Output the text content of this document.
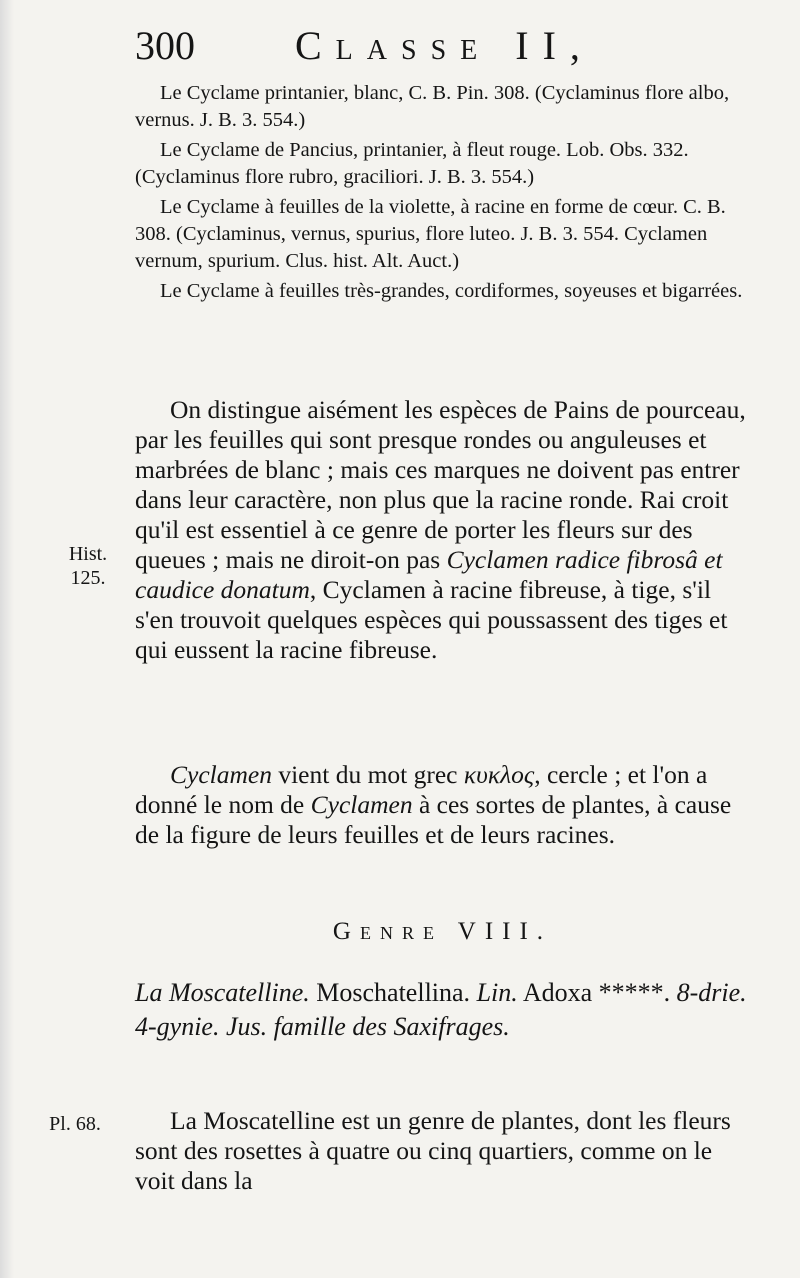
300	Classe II,

Le Cyclame printanier, blanc, C. B. Pin. 308. (Cyclaminus flore albo, vernus. J. B. 3. 554.)

Le Cyclame de Pancius, printanier, à fleut rouge. Lob. Obs. 332. (Cyclaminus flore rubro, graciliori. J. B. 3. 554.)

Le Cyclame à feuilles de la violette, à racine en forme de cœur. C. B. 308. (Cyclaminus, vernus, spurius, flore luteo. J. B. 3. 554. Cyclamen vernum, spurium. Clus. hist. Alt. Auct.)

Le Cyclame à feuilles très-grandes, cordiformes, soyeuses et bigarrées.

On distingue aisément les espèces de Pains de pourceau, par les feuilles qui sont presque rondes ou anguleuses et marbrées de blanc ; mais ces marques ne doivent pas entrer dans leur caractère, non plus que la racine ronde. Rai croit qu'il est essentiel à ce genre de porter les fleurs sur des queues ; mais ne diroit-on pas Cyclamen radice fibrosâ et caudice donatum, Cyclamen à racine fibreuse, à tige, s'il s'en trouvoit quelques espèces qui poussassent des tiges et qui eussent la racine fibreuse.

Cyclamen vient du mot grec κυκλος, cercle ; et l'on a donné le nom de Cyclamen à ces sortes de plantes, à cause de la figure de leurs feuilles et de leurs racines.

Genre VIII.
La Moscatelline. Moschatellina. Lin. Adoxa *****. 8-drie. 4-gynie. Jus. famille des Saxifrages.

La Moscatelline est un genre de plantes, dont les fleurs sont des rosettes à quatre ou cinq quartiers, comme on le voit dans la

Hist.
125.
Pl. 68.
